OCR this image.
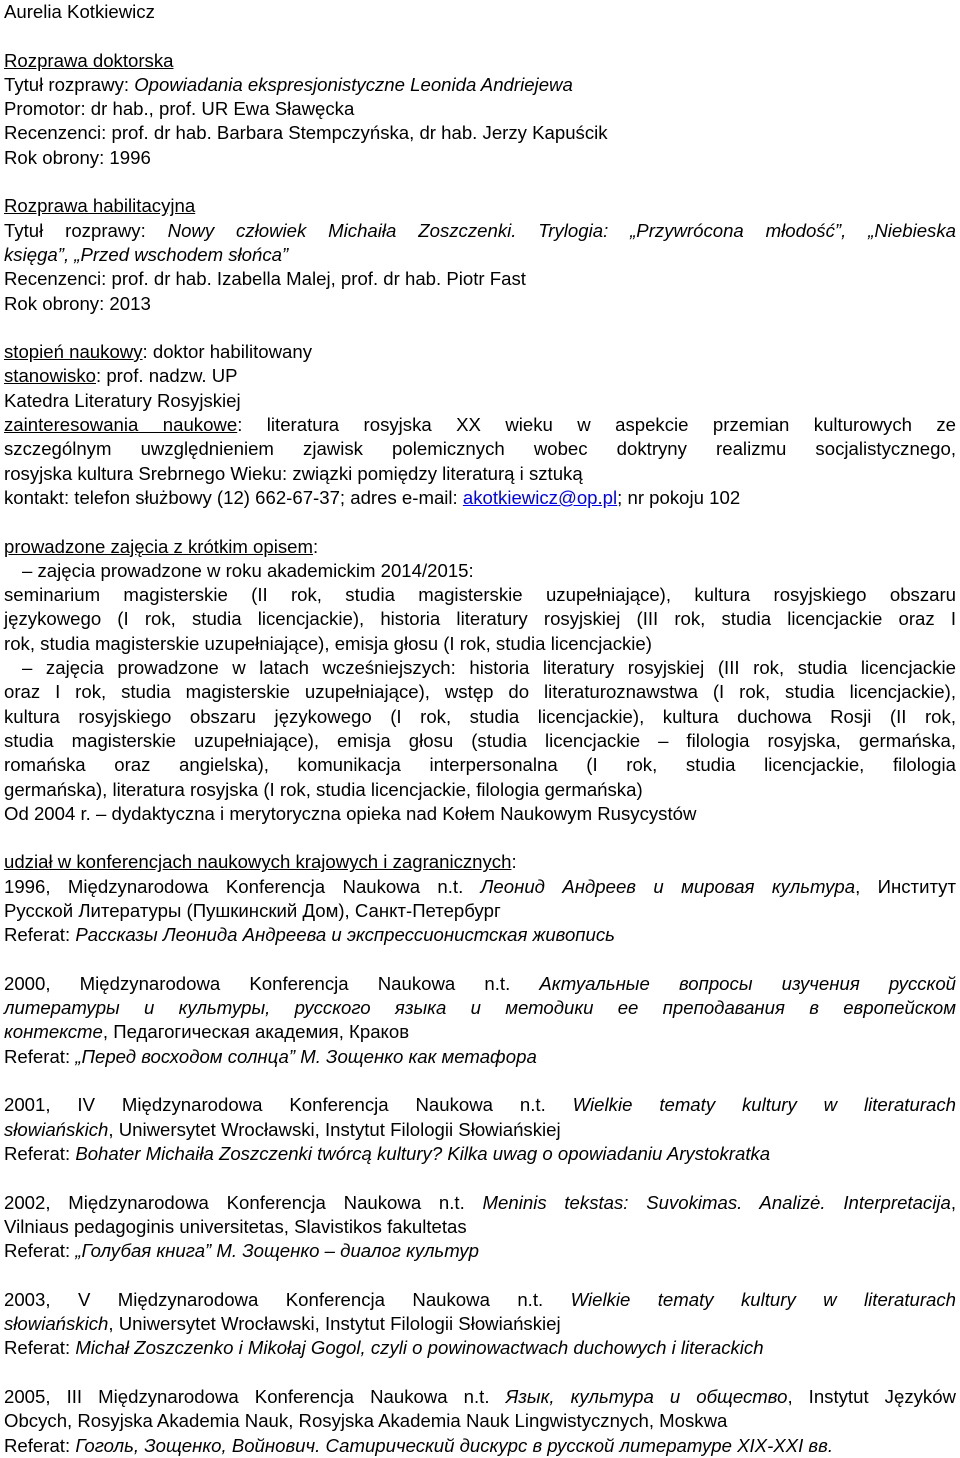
Aurelia Kotkiewicz
Rozprawa doktorska
Tytuł rozprawy: Opowiadania ekspresjonistyczne Leonida Andriejewa
Promotor: dr hab., prof. UR Ewa Sławęcka
Recenzenci: prof. dr hab. Barbara Stempczyńska, dr hab. Jerzy Kapuścik
Rok obrony: 1996
Rozprawa habilitacyjna
Tytuł rozprawy: Nowy człowiek Michaiła Zoszczenki. Trylogia: „Przywrócona młodość”, „Niebieska
księga”, „Przed wschodem słońca”
Recenzenci: prof. dr hab. Izabella Malej, prof. dr hab. Piotr Fast
Rok obrony: 2013
stopień naukowy: doktor habilitowany
stanowisko: prof. nadzw. UP
Katedra Literatury Rosyjskiej
zainteresowania naukowe: literatura rosyjska XX wieku w aspekcie przemian kulturowych ze
szczególnym uwzględnieniem zjawisk polemicznych wobec doktryny realizmu socjalistycznego,
rosyjska kultura Srebrnego Wieku: związki pomiędzy literaturą i sztuką
kontakt: telefon służbowy (12) 662-67-37; adres e-mail: akotkiewicz@op.pl; nr pokoju 102
prowadzone zajęcia z krótkim opisem:
– zajęcia prowadzone w roku akademickim 2014/2015:
seminarium magisterskie (II rok, studia magisterskie uzupełniające), kultura rosyjskiego obszaru
językowego (I rok, studia licencjackie), historia literatury rosyjskiej (III rok, studia licencjackie oraz I
rok, studia magisterskie uzupełniające), emisja głosu (I rok, studia licencjackie)
– zajęcia prowadzone w latach wcześniejszych: historia literatury rosyjskiej (III rok, studia licencjackie
oraz I rok, studia magisterskie uzupełniające), wstęp do literaturoznawstwa (I rok, studia licencjackie),
kultura rosyjskiego obszaru językowego (I rok, studia licencjackie), kultura duchowa Rosji (II rok,
studia magisterskie uzupełniające), emisja głosu (studia licencjackie – filologia rosyjska, germańska,
romańska oraz angielska), komunikacja interpersonalna (I rok, studia licencjackie, filologia
germańska), literatura rosyjska (I rok, studia licencjackie, filologia germańska)
Od 2004 r. – dydaktyczna i merytoryczna opieka nad Kołem Naukowym Rusycystów
udział w konferencjach naukowych krajowych i zagranicznych:
1996, Międzynarodowa Konferencja Naukowa n.t. Леонид Андреев и мировая культура, Институт
Русской Литературы (Пушкинский Дом), Санкт-Петербург
Referat: Рассказы Леонида Андреева и экспрессионистская живопись
2000, Międzynarodowa Konferencja Naukowa n.t. Актуальные вопросы изучения русской
литературы и культуры, русского языка и методики ее преподавания в европейском
контексте, Педагогическая академия, Краков
Referat: „Перед восходом солнца” М. Зощенко как метафора
2001, IV Międzynarodowa Konferencja Naukowa n.t. Wielkie tematy kultury w literaturach
słowiańskich, Uniwersytet Wrocławski, Instytut Filologii Słowiańskiej
Referat: Bohater Michaiła Zoszczenki twórcą kultury? Kilka uwag o opowiadaniu Arystokratka
2002, Międzynarodowa Konferencja Naukowa n.t. Meninis tekstas: Suvokimas. Analizė. Interpretacija,
Vilniaus pedagoginis universitetas, Slavistikos fakultetas
Referat: „Голубая книга” М. Зощенко – диалог культур
2003, V Międzynarodowa Konferencja Naukowa n.t. Wielkie tematy kultury w literaturach
słowiańskich, Uniwersytet Wrocławski, Instytut Filologii Słowiańskiej
Referat: Michał Zoszczenko i Mikołaj Gogol, czyli o powinowactwach duchowych i literackich
2005, III Międzynarodowa Konferencja Naukowa n.t. Язык, культура и общество, Instytut Języków
Obcych, Rosyjska Akademia Nauk, Rosyjska Akademia Nauk Lingwistycznych, Moskwa
Referat: Гоголь, Зощенко, Войнович. Сатирический дискурс в русской литературе XIX-XXI вв.
